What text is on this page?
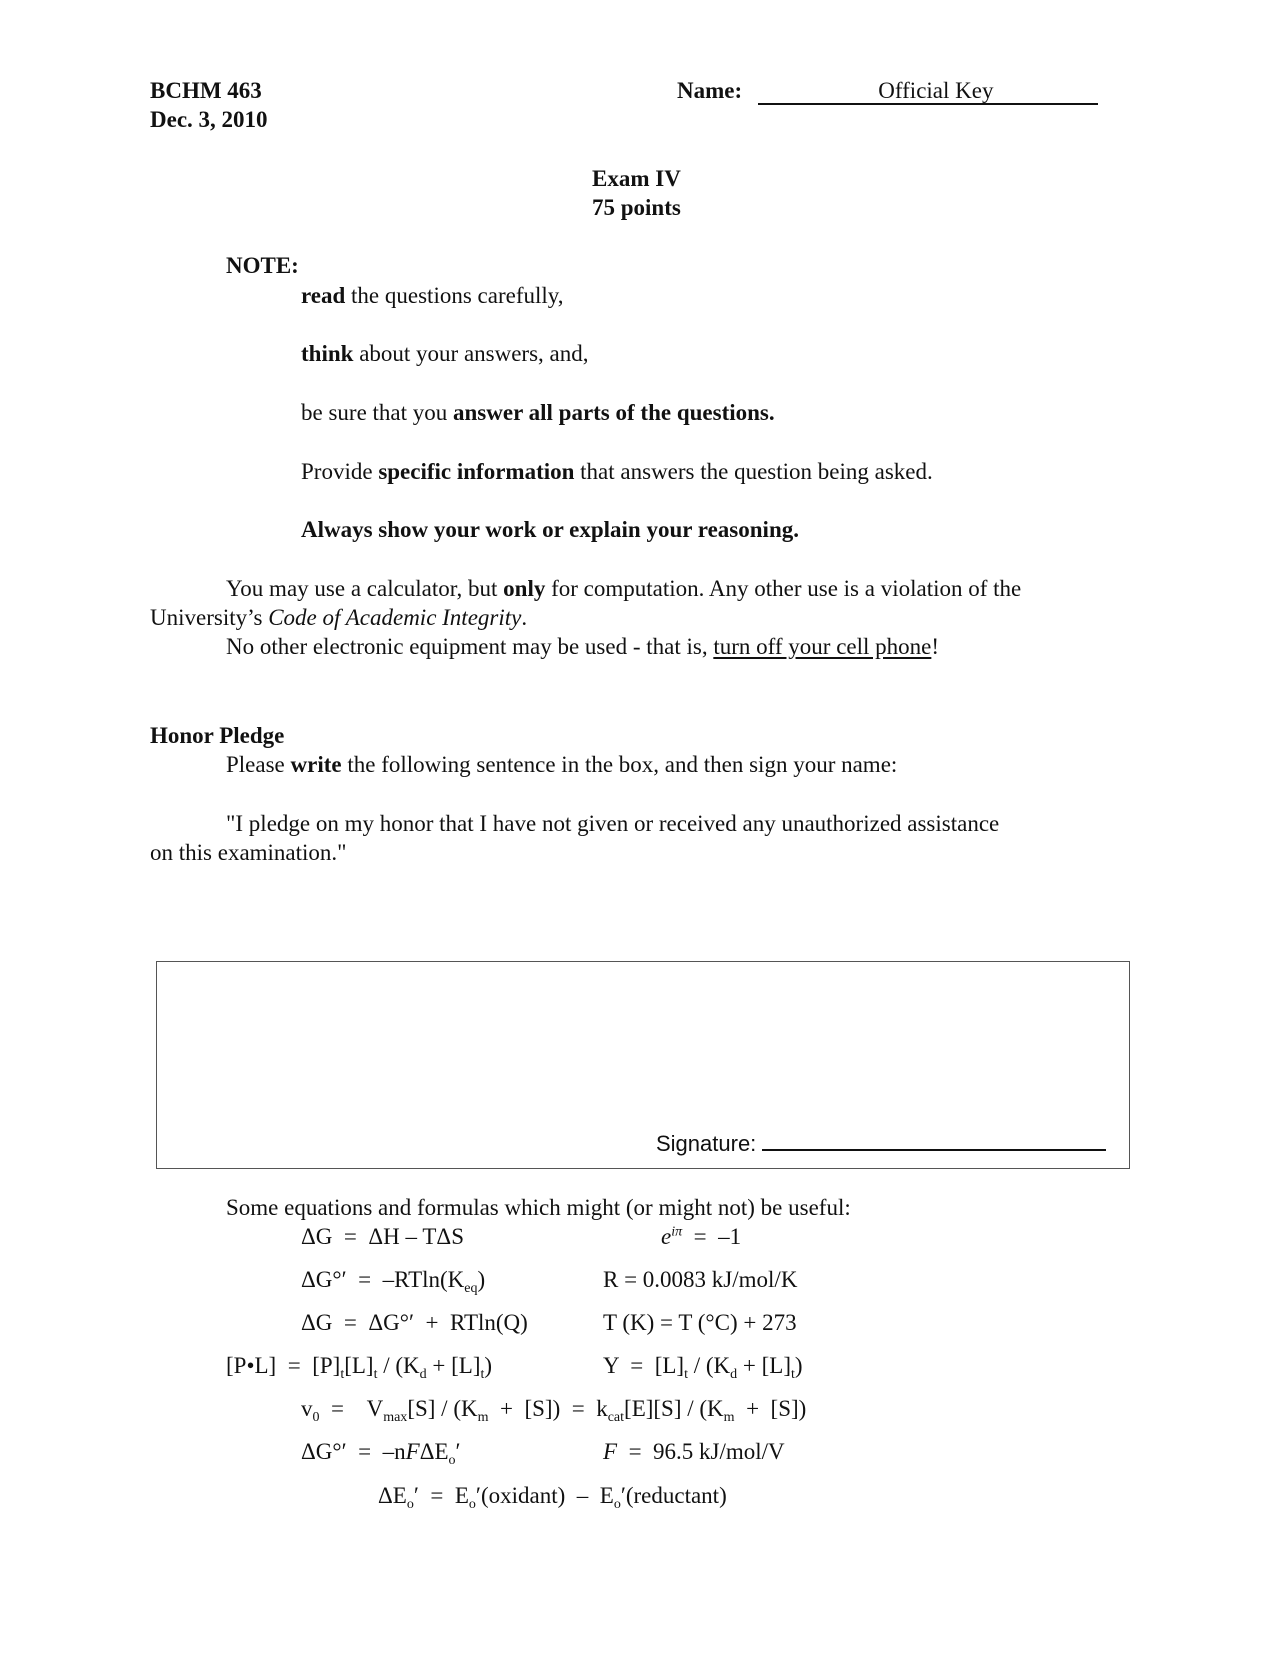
BCHM 463
Dec. 3, 2010
Name:	Official Key
Exam IV
75 points
NOTE:
read the questions carefully,
think about your answers, and,
be sure that you answer all parts of the questions.
Provide specific information that answers the question being asked.
Always show your work or explain your reasoning.
You may use a calculator, but only for computation. Any other use is a violation of the
University’s Code of Academic Integrity.
No other electronic equipment may be used - that is, turn off your cell phone!
Honor Pledge
Please write the following sentence in the box, and then sign your name:
"I pledge on my honor that I have not given or received any unauthorized assistance
on this examination."
Signature:
Some equations and formulas which might (or might not) be useful:
ΔG = ΔH – TΔS	$e^{i\pi} = -1$
$\Delta G^\circ' = -RTln(K_{eq})$	R = 0.0083 kJ/mol/K
ΔG = ΔG°′  +  RTln(Q)	T (K) = T (°C) + 273
[P•L] = $[P]_t[L]_t / (K_d + [L]_t)$	$Y = [L]_t / (K_d + [L]_t)$
$v_0 = V_{max}[S] / (K_m + [S]) = k_{cat}[E][S] / (K_m + [S])$
ΔG°′ = –nFΔE$_o$′	F  =  96.5 kJ/mol/V
$\Delta E_o'$ = $E_o'(oxidant)$  –  $E_o'(reductant)$
